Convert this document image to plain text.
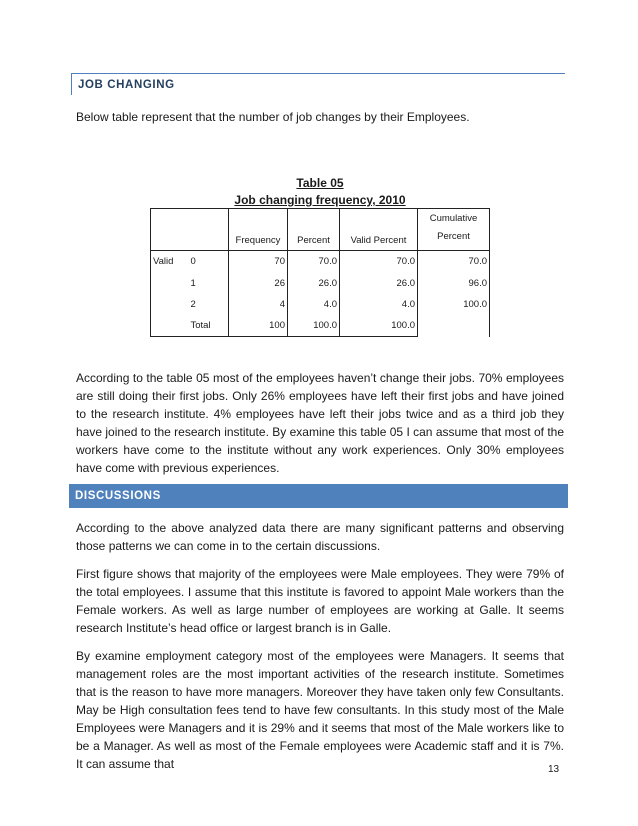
JOB CHANGING

Below table represent that the number of job changes by their Employees.

Table 05
Job changing frequency, 2010
		Frequency	Percent	Valid Percent	Cumulative
Percent

Valid	0	70	70.0	70.0	70.0
	1	26	26.0	26.0	96.0
	2	4	4.0	4.0	100.0
	Total	100	100.0	100.0	

According to the table 05 most of the employees haven’t change their jobs. 70% employees are still doing their first jobs. Only 26% employees have left their first jobs and have joined to the research institute. 4% employees have left their jobs twice and as a third job they have joined to the research institute. By examine this table 05 I can assume that most of the workers have come to the institute without any work experiences. Only 30% employees have come with previous experiences.

DISCUSSIONS

According to the above analyzed data there are many significant patterns and observing those patterns we can come in to the certain discussions.

First figure shows that majority of the employees were Male employees. They were 79% of the total employees. I assume that this institute is favored to appoint Male workers than the Female workers. As well as large number of employees are working at Galle. It seems research Institute’s head office or largest branch is in Galle.

By examine employment category most of the employees were Managers. It seems that management roles are the most important activities of the research institute. Sometimes that is the reason to have more managers. Moreover they have taken only few Consultants. May be High consultation fees tend to have few consultants. In this study most of the Male Employees were Managers and it is 29% and it seems that most of the Male workers like to be a Manager. As well as most of the Female employees were Academic staff and it is 7%. It can assume that	13
